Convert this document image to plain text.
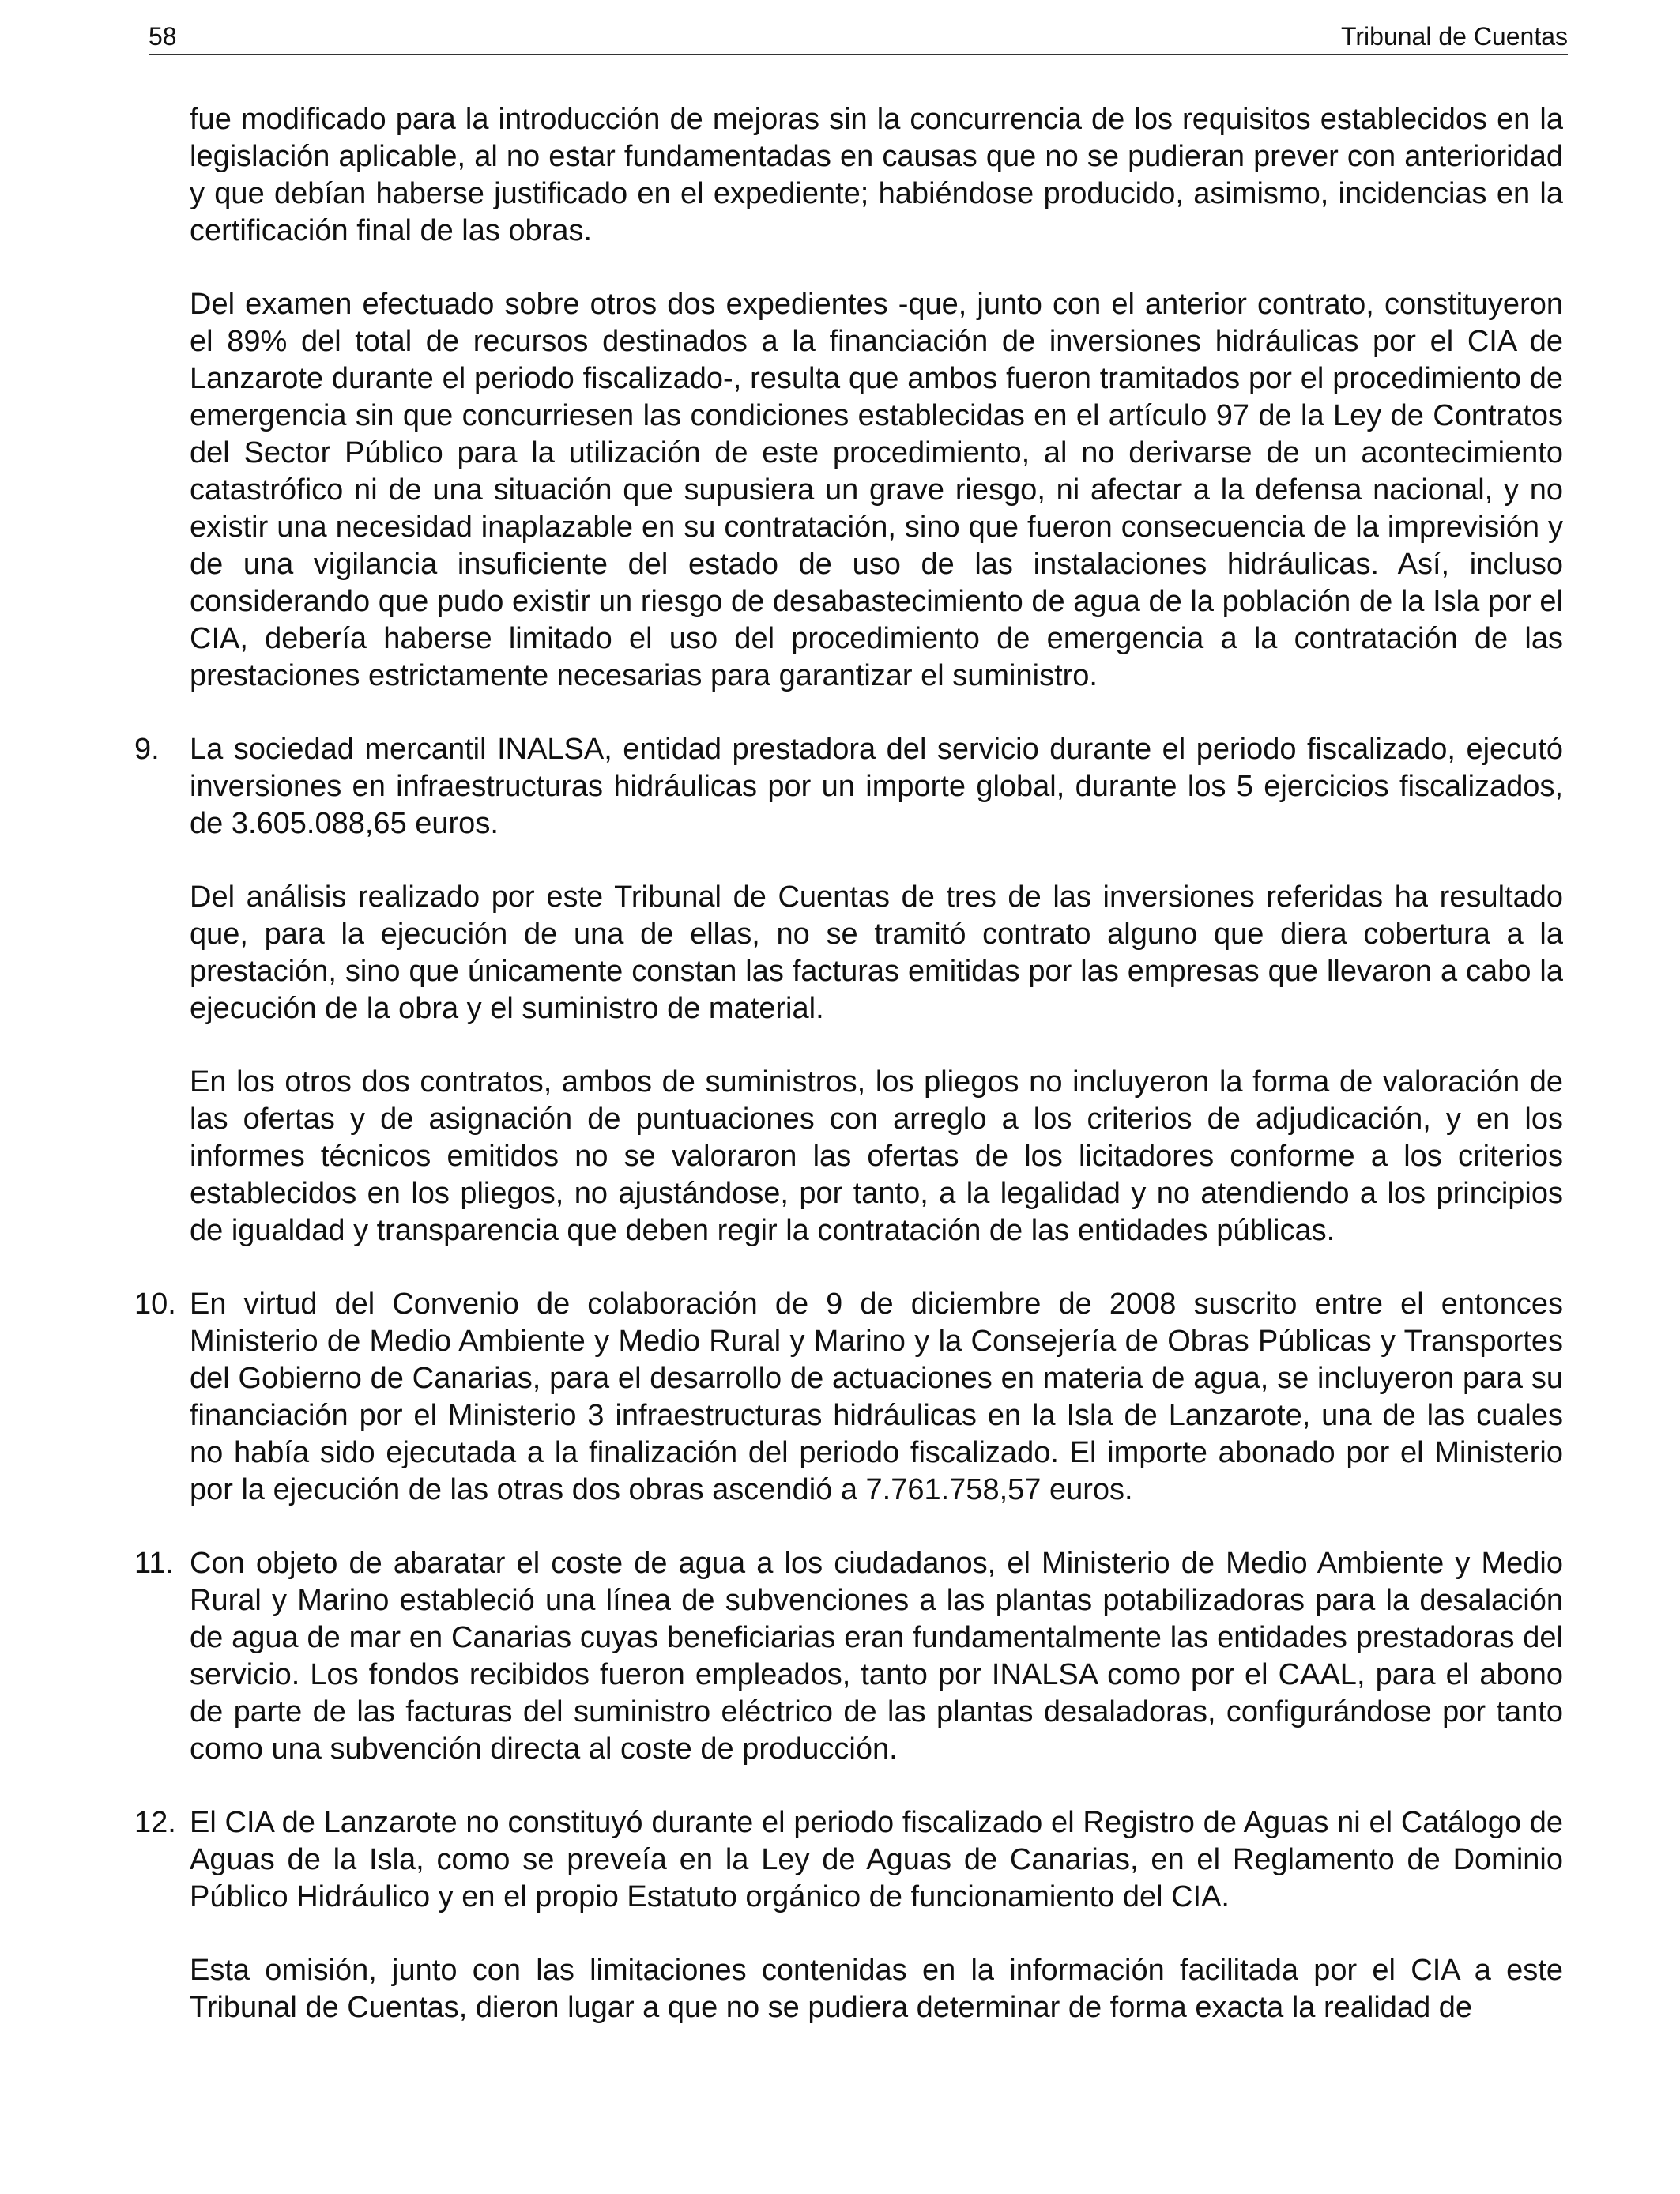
58	Tribunal de Cuentas

fue modificado para la introducción de mejoras sin la concurrencia de los requisitos establecidos en la legislación aplicable, al no estar fundamentadas en causas que no se pudieran prever con anterioridad y que debían haberse justificado en el expediente; habiéndose producido, asimismo, incidencias en la certificación final de las obras.

Del examen efectuado sobre otros dos expedientes -que, junto con el anterior contrato, constituyeron el 89% del total de recursos destinados a la financiación de inversiones hidráulicas por el CIA de Lanzarote durante el periodo fiscalizado-, resulta que ambos fueron tramitados por el procedimiento de emergencia sin que concurriesen las condiciones establecidas en el artículo 97 de la Ley de Contratos del Sector Público para la utilización de este procedimiento, al no derivarse de un acontecimiento catastrófico ni de una situación que supusiera un grave riesgo, ni afectar a la defensa nacional, y no existir una necesidad inaplazable en su contratación, sino que fueron consecuencia de la imprevisión y de una vigilancia insuficiente del estado de uso de las instalaciones hidráulicas. Así, incluso considerando que pudo existir un riesgo de desabastecimiento de agua de la población de la Isla por el CIA, debería haberse limitado el uso del procedimiento de emergencia a la contratación de las prestaciones estrictamente necesarias para garantizar el suministro.

9. La sociedad mercantil INALSA, entidad prestadora del servicio durante el periodo fiscalizado, ejecutó inversiones en infraestructuras hidráulicas por un importe global, durante los 5 ejercicios fiscalizados, de 3.605.088,65 euros.

Del análisis realizado por este Tribunal de Cuentas de tres de las inversiones referidas ha resultado que, para la ejecución de una de ellas, no se tramitó contrato alguno que diera cobertura a la prestación, sino que únicamente constan las facturas emitidas por las empresas que llevaron a cabo la ejecución de la obra y el suministro de material.

En los otros dos contratos, ambos de suministros, los pliegos no incluyeron la forma de valoración de las ofertas y de asignación de puntuaciones con arreglo a los criterios de adjudicación, y en los informes técnicos emitidos no se valoraron las ofertas de los licitadores conforme a los criterios establecidos en los pliegos, no ajustándose, por tanto, a la legalidad y no atendiendo a los principios de igualdad y transparencia que deben regir la contratación de las entidades públicas.

10. En virtud del Convenio de colaboración de 9 de diciembre de 2008 suscrito entre el entonces Ministerio de Medio Ambiente y Medio Rural y Marino y la Consejería de Obras Públicas y Transportes del Gobierno de Canarias, para el desarrollo de actuaciones en materia de agua, se incluyeron para su financiación por el Ministerio 3 infraestructuras hidráulicas en la Isla de Lanzarote, una de las cuales no había sido ejecutada a la finalización del periodo fiscalizado. El importe abonado por el Ministerio por la ejecución de las otras dos obras ascendió a 7.761.758,57 euros.

11. Con objeto de abaratar el coste de agua a los ciudadanos, el Ministerio de Medio Ambiente y Medio Rural y Marino estableció una línea de subvenciones a las plantas potabilizadoras para la desalación de agua de mar en Canarias cuyas beneficiarias eran fundamentalmente las entidades prestadoras del servicio. Los fondos recibidos fueron empleados, tanto por INALSA como por el CAAL, para el abono de parte de las facturas del suministro eléctrico de las plantas desaladoras, configurándose por tanto como una subvención directa al coste de producción.

12. El CIA de Lanzarote no constituyó durante el periodo fiscalizado el Registro de Aguas ni el Catálogo de Aguas de la Isla, como se preveía en la Ley de Aguas de Canarias, en el Reglamento de Dominio Público Hidráulico y en el propio Estatuto orgánico de funcionamiento del CIA.

Esta omisión, junto con las limitaciones contenidas en la información facilitada por el CIA a este Tribunal de Cuentas, dieron lugar a que no se pudiera determinar de forma exacta la realidad de
